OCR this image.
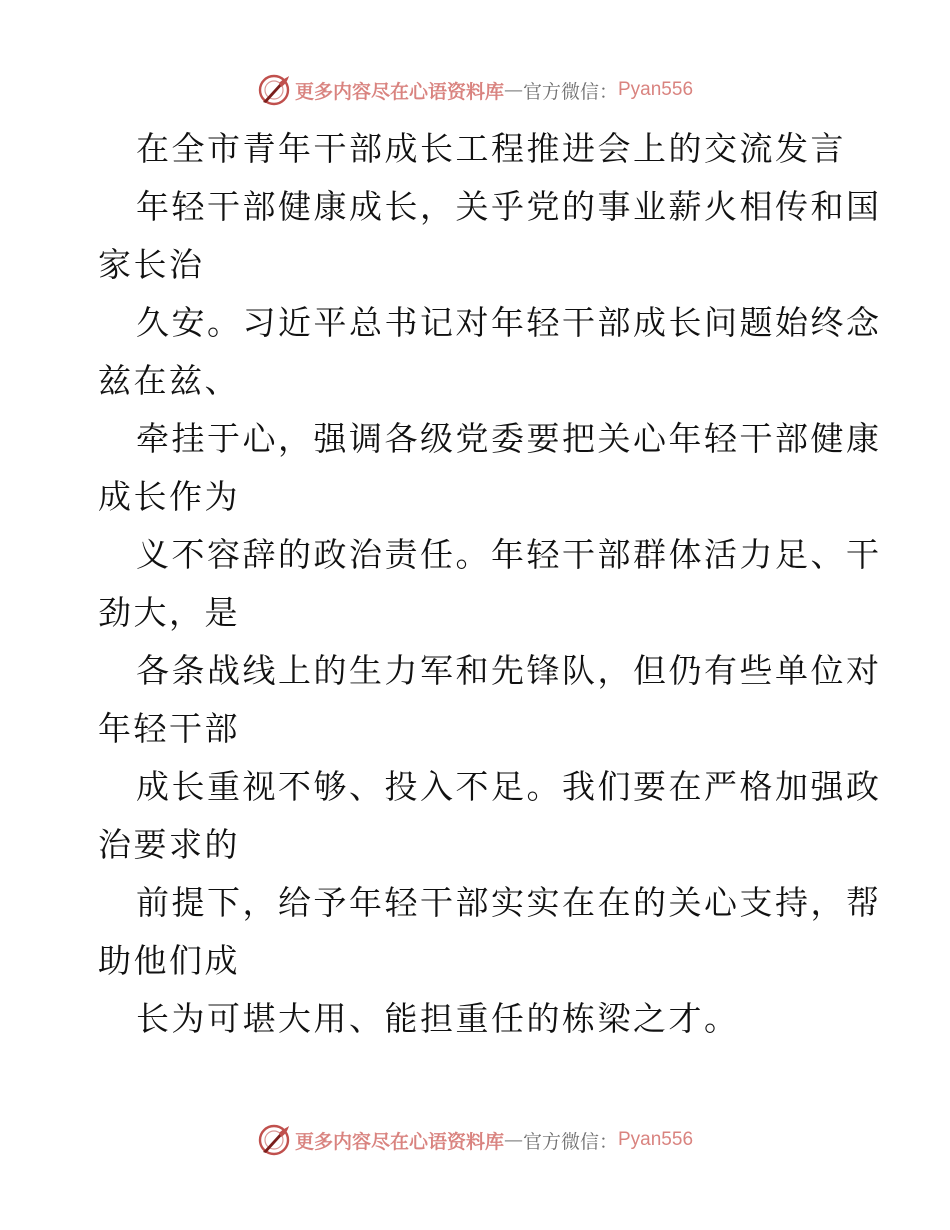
更多内容尽在心语资料库 — 官方微信： Pyan556
在全市青年干部成长工程推进会上的交流发言
年轻干部健康成长，关乎党的事业薪火相传和国
家长治
久安。习近平总书记对年轻干部成长问题始终念
兹在兹、
牵挂于心，强调各级党委要把关心年轻干部健康
成长作为
义不容辞的政治责任。年轻干部群体活力足、干
劲大，是
各条战线上的生力军和先锋队，但仍有些单位对
年轻干部
成长重视不够、投入不足。我们要在严格加强政
治要求的
前提下，给予年轻干部实实在在的关心支持，帮
助他们成
长为可堪大用、能担重任的栋梁之才。
更多内容尽在心语资料库 — 官方微信： Pyan556
